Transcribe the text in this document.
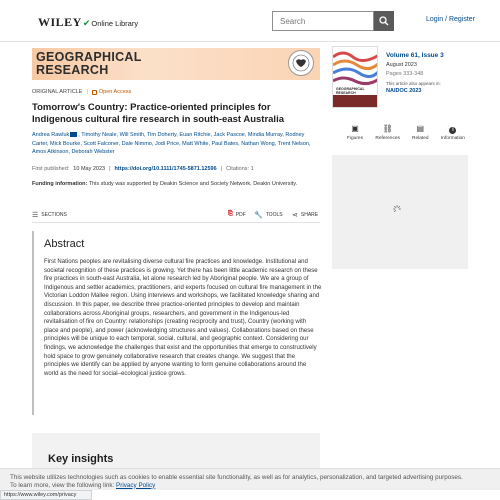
WILEY ✔ Online Library	Search	Login / Register
GEOGRAPHICAL
RESEARCH
ORIGINAL ARTICLE | Open Access
Tomorrow's Country: Practice-oriented principles for Indigenous cultural fire research in south-east Australia
Andrea Rawluk , Timothy Neale, Will Smith, Tim Doherty, Euan Ritchie, Jack Pascoe, Mindia Murray, Rodney Carter, Mick Bourke, Scott Falconer, Dale Nimmo, Jodi Price, Matt White, Paul Bates, Nathan Wong, Trent Nelson, Amos Atkinson, Deborah Webster
First published: 10 May 2023 | https://doi.org/10.1111/1745-5871.12596 | Citations: 1
Funding information: This study was supported by Deakin Science and Society Network, Deakin University.
☰ SECTIONS	⎘ PDF 🔧 TOOLS ⋖ SHARE
Abstract
First Nations peoples are revitalising diverse cultural fire practices and knowledge. Institutional and societal recognition of these practices is growing. Yet there has been little academic research on these fire practices in south-east Australia, let alone research led by Aboriginal people. We are a group of Indigenous and settler academics, practitioners, and experts focused on cultural fire management in the Victorian Loddon Mallee region. Using interviews and workshops, we facilitated knowledge sharing and discussion. In this paper, we describe three practice-oriented principles to develop and maintain collaborations across Aboriginal groups, researchers, and government in the Indigenous-led revitalisation of fire on Country: relationships (creating reciprocity and trust), Country (working with place and people), and power (acknowledging structures and values). Collaborations based on these principles will be unique to each temporal, social, cultural, and geographic context. Considering our findings, we acknowledge the challenges that exist and the opportunities that emerge to constructively hold space to grow genuinely collaborative research that creates change. We suggest that the principles we identify can be applied by anyone wanting to form genuine collaborations around the world as the need for social–ecological justice grows.
Key insights
GEOGRAPHICAL RESEARCH
Volume 61, Issue 3
August 2023
Pages 333-348
This article also appears in:
NAIDOC 2023
▣
Figures
⛓
References
▤
Related
i
Information
This website utilizes technologies such as cookies to enable essential site functionality, as well as for analytics, personalization, and targeted advertising purposes.
To learn more, view the following link: Privacy Policy
https://www.wiley.com/privacy
